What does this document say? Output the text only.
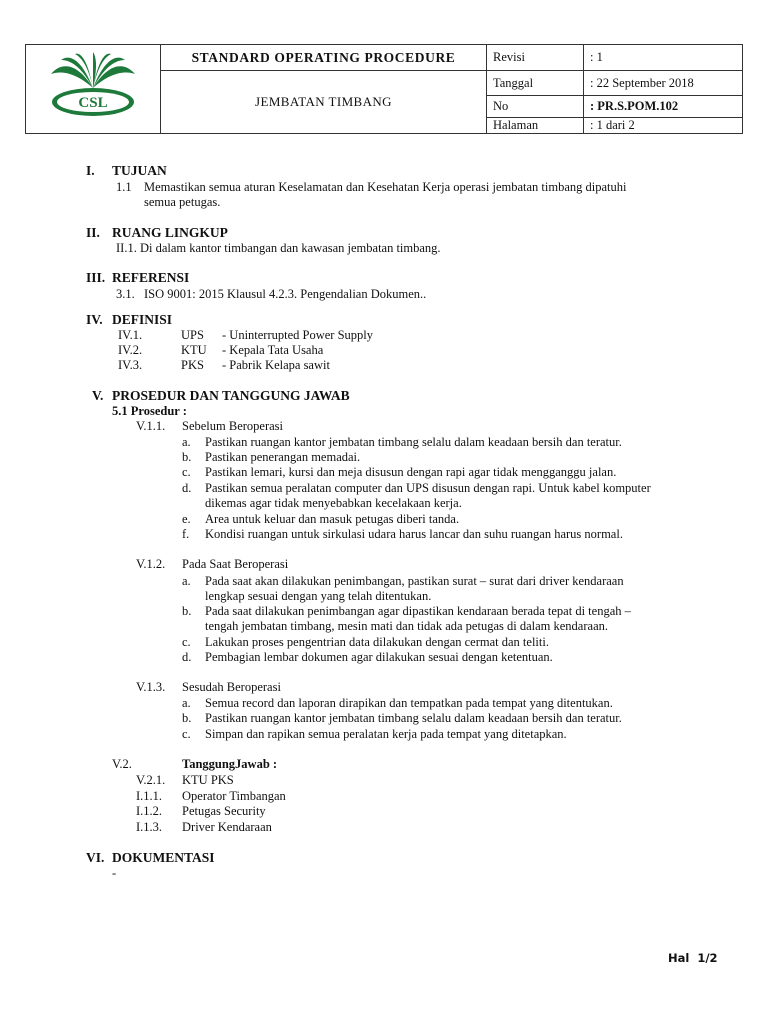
CSL	STANDARD OPERATING PROCEDURE	Revisi	: 1
	JEMBATAN TIMBANG	Tanggal	: 22 September 2018
		No	: PR.S.POM.102
		Halaman	: 1 dari 2
I. TUJUAN
1.1 Memastikan semua aturan Keselamatan dan Kesehatan Kerja operasi jembatan timbang dipatuhi
semua petugas.
II. RUANG LINGKUP
II.1. Di dalam kantor timbangan dan kawasan jembatan timbang.
III. REFERENSI
3.1. ISO 9001: 2015 Klausul 4.2.3. Pengendalian Dokumen..
IV. DEFINISI
IV.1.	UPS - Uninterrupted Power Supply
IV.2.	KTU - Kepala Tata Usaha
IV.3.	PKS - Pabrik Kelapa sawit
V. PROSEDUR DAN TANGGUNG JAWAB
5.1 Prosedur :
V.1.1. Sebelum Beroperasi
a. Pastikan ruangan kantor jembatan timbang selalu dalam keadaan bersih dan teratur.
b. Pastikan penerangan memadai.
c. Pastikan lemari, kursi dan meja disusun dengan rapi agar tidak mengganggu jalan.
d. Pastikan semua peralatan computer dan UPS disusun dengan rapi. Untuk kabel komputer
dikemas agar tidak menyebabkan kecelakaan kerja.
e. Area untuk keluar dan masuk petugas diberi tanda.
f. Kondisi ruangan untuk sirkulasi udara harus lancar dan suhu ruangan harus normal.
V.1.2. Pada Saat Beroperasi
a. Pada saat akan dilakukan penimbangan, pastikan surat – surat dari driver kendaraan
lengkap sesuai dengan yang telah ditentukan.
b. Pada saat dilakukan penimbangan agar dipastikan kendaraan berada tepat di tengah –
tengah jembatan timbang, mesin mati dan tidak ada petugas di dalam kendaraan.
c. Lakukan proses pengentrian data dilakukan dengan cermat dan teliti.
d. Pembagian lembar dokumen agar dilakukan sesuai dengan ketentuan.
V.1.3. Sesudah Beroperasi
a. Semua record dan laporan dirapikan dan tempatkan pada tempat yang ditentukan.
b. Pastikan ruangan kantor jembatan timbang selalu dalam keadaan bersih dan teratur.
c. Simpan dan rapikan semua peralatan kerja pada tempat yang ditetapkan.
V.2.	TanggungJawab :
V.2.1. KTU PKS
I.1.1. Operator Timbangan
I.1.2. Petugas Security
I.1.3. Driver Kendaraan
VI. DOKUMENTASI
-
Hal  1/2
